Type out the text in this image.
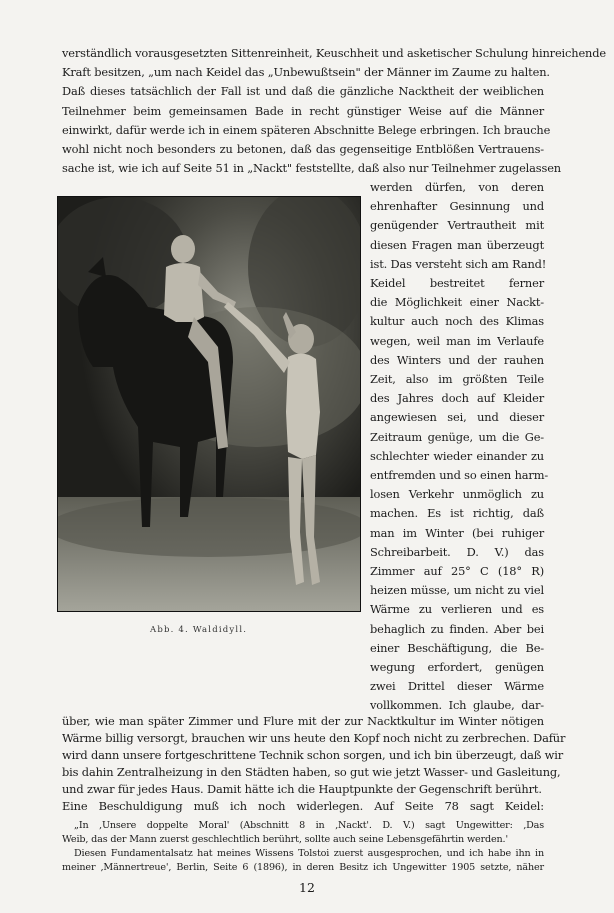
verständlich vorausgesetzten Sittenreinheit, Keuschheit und asketischer Schulung hinreichende
Kraft besitzen, „um nach Keidel das „Unbewußtsein" der Männer im Zaume zu halten.
Daß dieses tatsächlich der Fall ist und daß die gänzliche Nacktheit der weiblichen
Teilnehmer beim gemeinsamen Bade in recht günstiger Weise auf die Männer
einwirkt, dafür werde ich in einem späteren Abschnitte Belege erbringen. Ich brauche
wohl nicht noch besonders zu betonen, daß das gegenseitige Entblößen Vertrauens-
sache ist, wie ich auf Seite 51 in „Nackt" feststellte, daß also nur Teilnehmer zugelassen
werden dürfen, von deren
ehrenhafter Gesinnung und
genügender Vertrautheit mit
diesen Fragen man überzeugt
ist. Das versteht sich am Rand!
Keidel bestreitet ferner
die Möglichkeit einer Nackt-
kultur auch noch des Klimas
wegen, weil man im Verlaufe
des Winters und der rauhen
Zeit, also im größten Teile
des Jahres doch auf Kleider
angewiesen sei, und dieser
Zeitraum genüge, um die Ge-
schlechter wieder einander zu
entfremden und so einen harm-
losen Verkehr unmöglich zu
machen. Es ist richtig, daß
man im Winter (bei ruhiger
Schreibarbeit. D. V.) das
Zimmer auf 25° C (18° R)
heizen müsse, um nicht zu viel
Wärme zu verlieren und es
behaglich zu finden. Aber bei
einer Beschäftigung, die Be-
wegung erfordert, genügen
zwei Drittel dieser Wärme
vollkommen. Ich glaube, dar-
Abb. 4. Waldidyll.
über, wie man später Zimmer und Flure mit der zur Nacktkultur im Winter nötigen
Wärme billig versorgt, brauchen wir uns heute den Kopf noch nicht zu zerbrechen. Dafür
wird dann unsere fortgeschrittene Technik schon sorgen, und ich bin überzeugt, daß wir
bis dahin Zentralheizung in den Städten haben, so gut wie jetzt Wasser- und Gasleitung,
und zwar für jedes Haus. Damit hätte ich die Hauptpunkte der Gegenschrift berührt.
Eine Beschuldigung muß ich noch widerlegen. Auf Seite 78 sagt Keidel:
„In ‚Unsere doppelte Moral' (Abschnitt 8 in ‚Nackt'. D. V.) sagt Ungewitter: ‚Das
Weib, das der Mann zuerst geschlechtlich berührt, sollte auch seine Lebensgefährtin werden.'
Diesen Fundamentalsatz hat meines Wissens Tolstoi zuerst ausgesprochen, und ich habe ihn in
meiner ‚Männertreue', Berlin, Seite 6 (1896), in deren Besitz ich Ungewitter 1905 setzte, näher
12
